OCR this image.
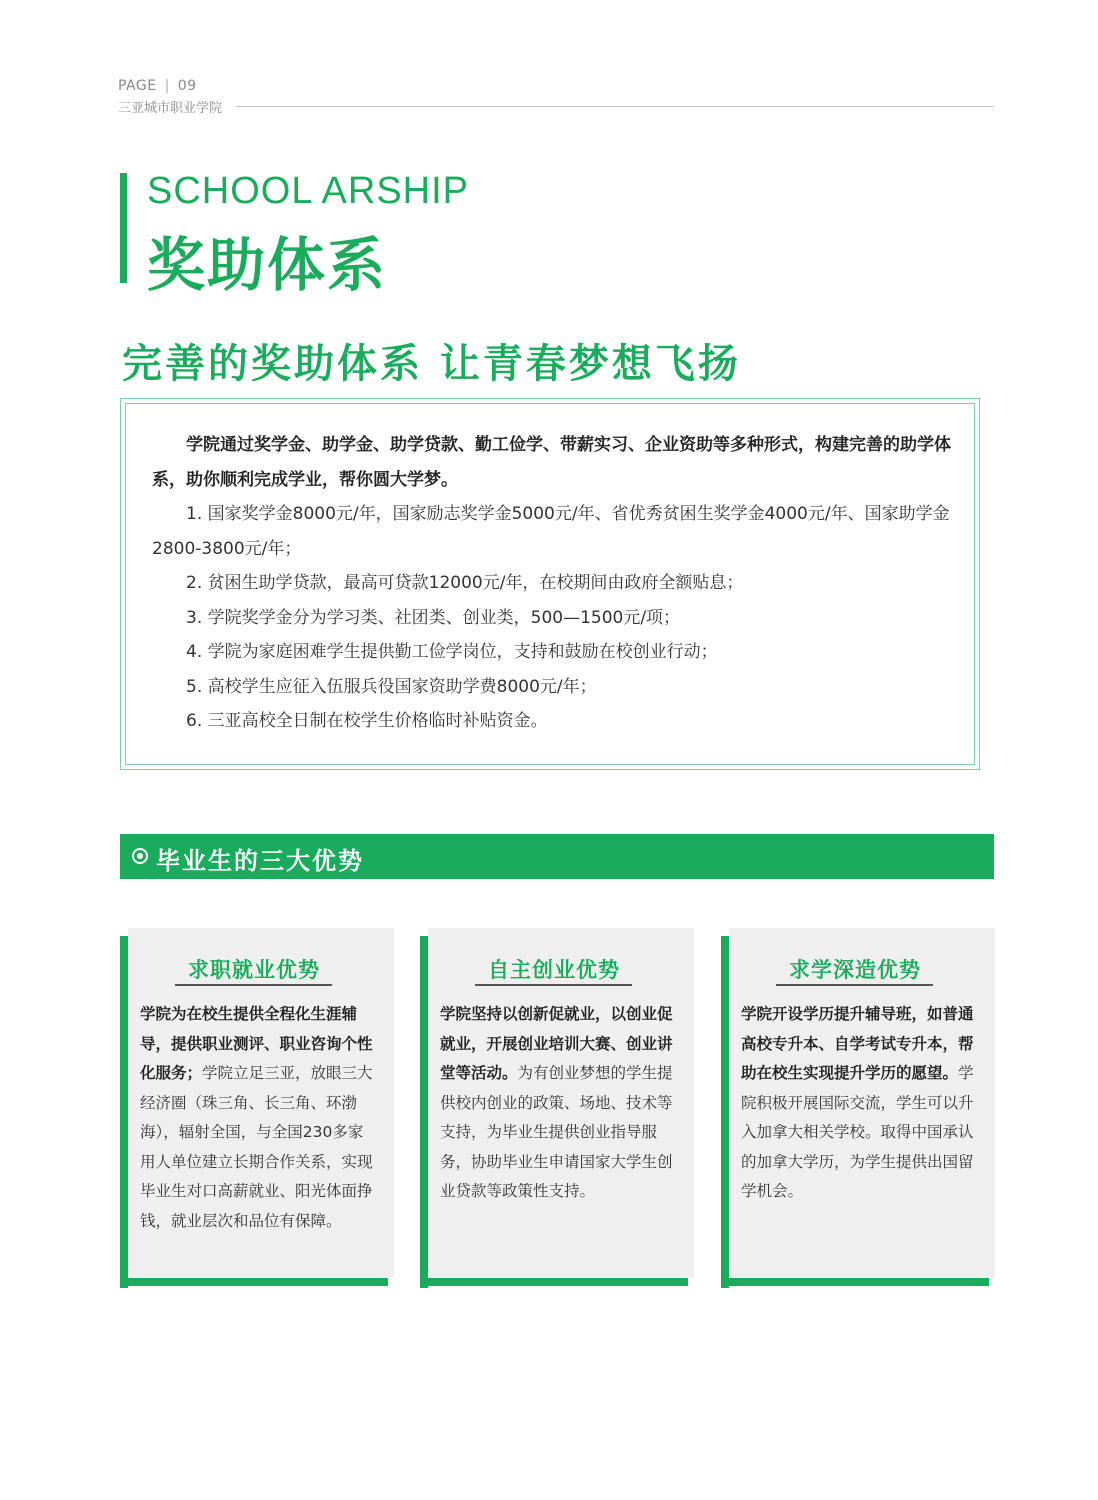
PAGE | 09
三亚城市职业学院
SCHOOL ARSHIP
奖助体系
完善的奖助体系 让青春梦想飞扬

学院通过奖学金、助学金、助学贷款、勤工俭学、带薪实习、企业资助等多种形式，构建完善的助学体系，助你顺利完成学业，帮你圆大学梦。

1. 国家奖学金8000元/年，国家励志奖学金5000元/年、省优秀贫困生奖学金4000元/年、国家助学金2800-3800元/年；

2. 贫困生助学贷款，最高可贷款12000元/年，在校期间由政府全额贴息；

3. 学院奖学金分为学习类、社团类、创业类，500—1500元/项；

4. 学院为家庭困难学生提供勤工俭学岗位，支持和鼓励在校创业行动；

5. 高校学生应征入伍服兵役国家资助学费8000元/年；

6. 三亚高校全日制在校学生价格临时补贴资金。

毕业生的三大优势
求职就业优势
学院为在校生提供全程化生涯辅导，提供职业测评、职业咨询个性化服务；学院立足三亚，放眼三大经济圈（珠三角、长三角、环渤海），辐射全国，与全国230多家用人单位建立长期合作关系，实现毕业生对口高薪就业、阳光体面挣钱，就业层次和品位有保障。
自主创业优势
学院坚持以创新促就业，以创业促就业，开展创业培训大赛、创业讲堂等活动。为有创业梦想的学生提供校内创业的政策、场地、技术等支持，为毕业生提供创业指导服务，协助毕业生申请国家大学生创业贷款等政策性支持。
求学深造优势
学院开设学历提升辅导班，如普通高校专升本、自学考试专升本，帮助在校生实现提升学历的愿望。学院积极开展国际交流，学生可以升入加拿大相关学校。取得中国承认的加拿大学历，为学生提供出国留学机会。
